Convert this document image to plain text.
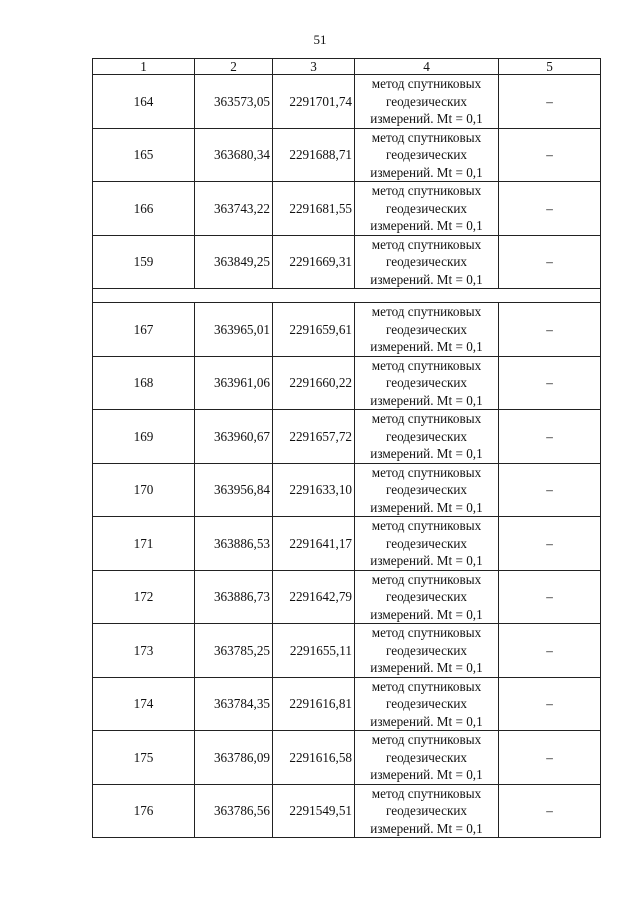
51
1	2	3	4	5
164	363573,05	2291701,74	метод спутниковых
геодезических
измерений. Mt = 0,1	–
165	363680,34	2291688,71	метод спутниковых
геодезических
измерений. Mt = 0,1	–
166	363743,22	2291681,55	метод спутниковых
геодезических
измерений. Mt = 0,1	–
159	363849,25	2291669,31	метод спутниковых
геодезических
измерений. Mt = 0,1	–

167	363965,01	2291659,61	метод спутниковых
геодезических
измерений. Mt = 0,1	–
168	363961,06	2291660,22	метод спутниковых
геодезических
измерений. Mt = 0,1	–
169	363960,67	2291657,72	метод спутниковых
геодезических
измерений. Mt = 0,1	–
170	363956,84	2291633,10	метод спутниковых
геодезических
измерений. Mt = 0,1	–
171	363886,53	2291641,17	метод спутниковых
геодезических
измерений. Mt = 0,1	–
172	363886,73	2291642,79	метод спутниковых
геодезических
измерений. Mt = 0,1	–
173	363785,25	2291655,11	метод спутниковых
геодезических
измерений. Mt = 0,1	–
174	363784,35	2291616,81	метод спутниковых
геодезических
измерений. Mt = 0,1	–
175	363786,09	2291616,58	метод спутниковых
геодезических
измерений. Mt = 0,1	–
176	363786,56	2291549,51	метод спутниковых
геодезических
измерений. Mt = 0,1	–
